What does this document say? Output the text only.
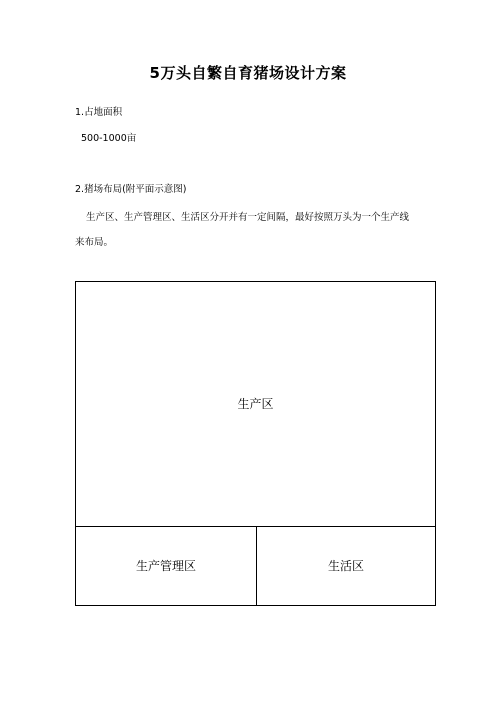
5万头自繁自育猪场设计方案
1.占地面积
500-1000亩
2.猪场布局(附平面示意图)
生产区、生产管理区、生活区分开并有一定间隔，最好按照万头为一个生产线
来布局。
生产区
生产管理区	生活区
